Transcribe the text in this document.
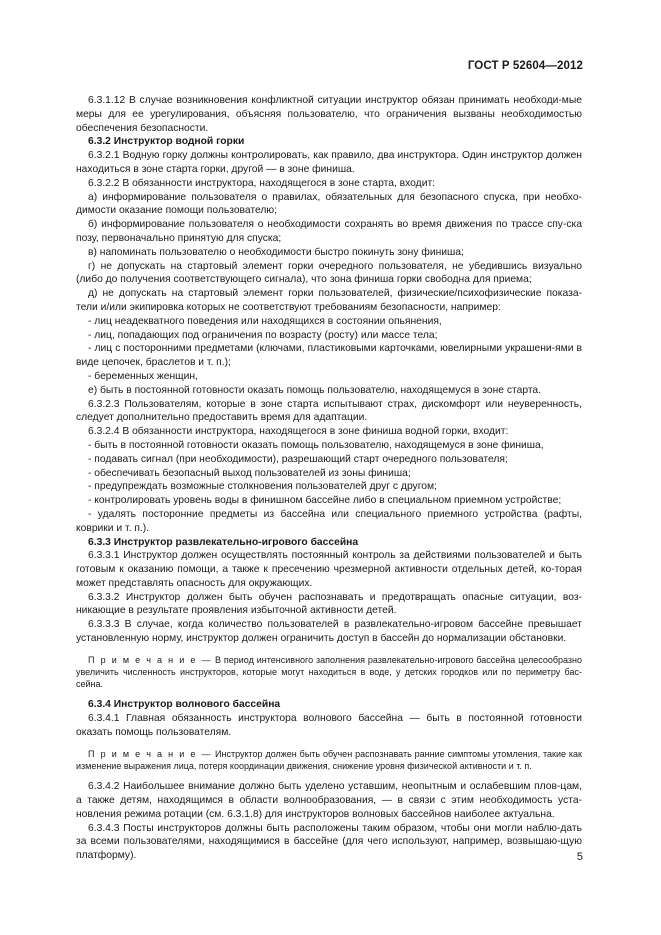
ГОСТ Р 52604—2012

6.3.1.12 В случае возникновения конфликтной ситуации инструктор обязан принимать необходи-мые меры для ее урегулирования, объясняя пользователю, что ограничения вызваны необходимостью обеспечения безопасности.

6.3.2 Инструктор водной горки

6.3.2.1 Водную горку должны контролировать, как правило, два инструктора. Один инструктор должен находиться в зоне старта горки, другой — в зоне финиша.

6.3.2.2 В обязанности инструктора, находящегося в зоне старта, входит:

а) информирование пользователя о правилах, обязательных для безопасного спуска, при необхо-димости оказание помощи пользователю;

б) информирование пользователя о необходимости сохранять во время движения по трассе спу-ска позу, первоначально принятую для спуска;

в) напоминать пользователю о необходимости быстро покинуть зону финиша;

г) не допускать на стартовый элемент горки очередного пользователя, не убедившись визуально (либо до получения соответствующего сигнала), что зона финиша горки свободна для приема;

д) не допускать на стартовый элемент горки пользователей, физические/психофизические показа-тели и/или экипировка которых не соответствуют требованиям безопасности, например:

- лиц неадекватного поведения или находящихся в состоянии опьянения,

- лиц, попадающих под ограничения по возрасту (росту) или массе тела;

- лиц с посторонними предметами (ключами, пластиковыми карточками, ювелирными украшени-ями в виде цепочек, браслетов и т. п.);

- беременных женщин,

е) быть в постоянной готовности оказать помощь пользователю, находящемуся в зоне старта.

6.3.2.3 Пользователям, которые в зоне старта испытывают страх, дискомфорт или неуверенность, следует дополнительно предоставить время для адаптации.

6.3.2.4 В обязанности инструктора, находящегося в зоне финиша водной горки, входит:

- быть в постоянной готовности оказать помощь пользователю, находящемуся в зоне финиша,

- подавать сигнал (при необходимости), разрешающий старт очередного пользователя;

- обеспечивать безопасный выход пользователей из зоны финиша;

- предупреждать возможные столкновения пользователей друг с другом;

- контролировать уровень воды в финишном бассейне либо в специальном приемном устройстве;

- удалять посторонние предметы из бассейна или специального приемного устройства (рафты, коврики и т. п.).

6.3.3 Инструктор развлекательно-игрового бассейна

6.3.3.1 Инструктор должен осуществлять постоянный контроль за действиями пользователей и быть готовым к оказанию помощи, а также к пресечению чрезмерной активности отдельных детей, ко-торая может представлять опасность для окружающих.

6.3.3.2 Инструктор должен быть обучен распознавать и предотвращать опасные ситуации, воз-никающие в результате проявления избыточной активности детей.

6.3.3.3 В случае, когда количество пользователей в развлекательно-игровом бассейне превышает установленную норму, инструктор должен ограничить доступ в бассейн до нормализации обстановки.

П р и м е ч а н и е — В период интенсивного заполнения развлекательно-игрового бассейна целесообразно увеличить численность инструкторов, которые могут находиться в воде, у детских городков или по периметру бас-сейна.

6.3.4 Инструктор волнового бассейна

6.3.4.1 Главная обязанность инструктора волнового бассейна — быть в постоянной готовности оказать помощь пользователям.

П р и м е ч а н и е — Инструктор должен быть обучен распознавать ранние симптомы утомления, такие как изменение выражения лица, потеря координации движения, снижение уровня физической активности и т. п.

6.3.4.2 Наибольшее внимание должно быть уделено уставшим, неопытным и ослабевшим плов-цам, а также детям, находящимся в области волнообразования, — в связи с этим необходимость уста-новления режима ротации (см. 6.3.1.8) для инструкторов волновых бассейнов наиболее актуальна.

6.3.4.3 Посты инструкторов должны быть расположены таким образом, чтобы они могли наблю-дать за всеми пользователями, находящимися в бассейне (для чего используют, например, возвышаю-щую платформу).	5
